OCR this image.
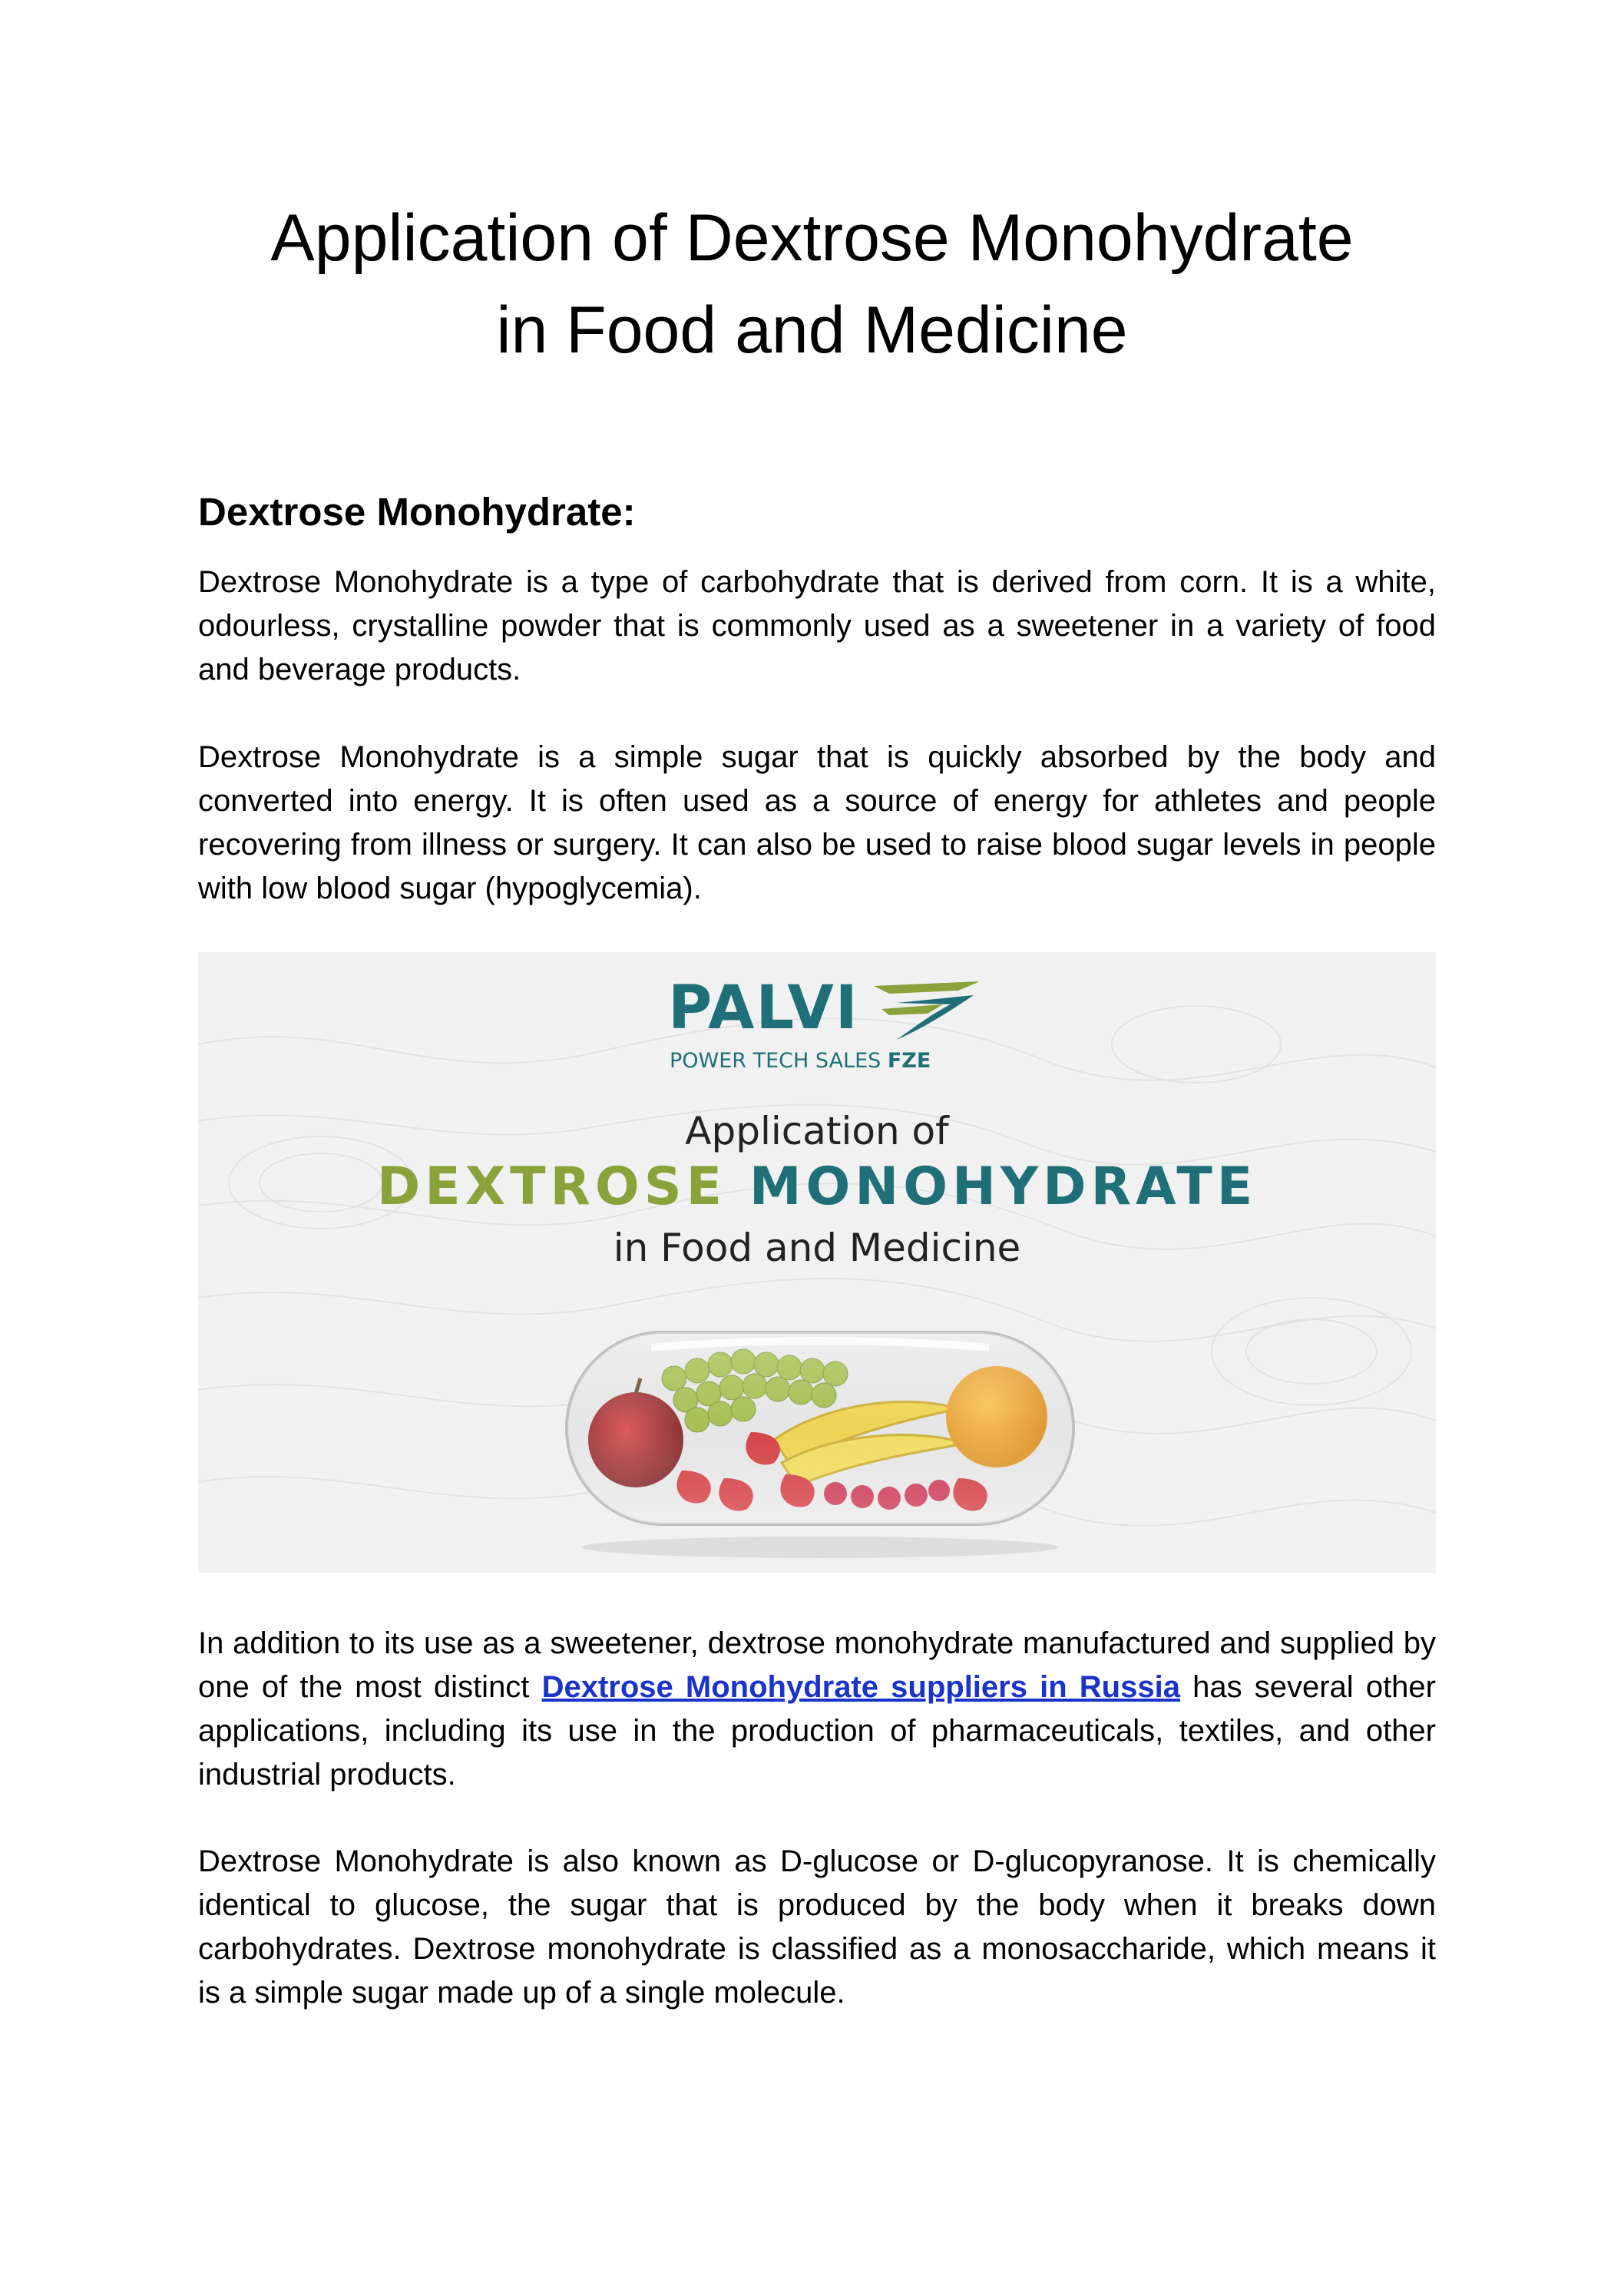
Application of Dextrose Monohydrate
in Food and Medicine
Dextrose Monohydrate:

Dextrose Monohydrate is a type of carbohydrate that is derived from corn. It is a white, odourless, crystalline powder that is commonly used as a sweetener in a variety of food and beverage products.

Dextrose Monohydrate is a simple sugar that is quickly absorbed by the body and converted into energy. It is often used as a source of energy for athletes and people recovering from illness or surgery. It can also be used to raise blood sugar levels in people with low blood sugar (hypoglycemia).

PALVI

POWER TECH SALES FZE

Application of

DEXTROSE MONOHYDRATE

in Food and Medicine

In addition to its use as a sweetener, dextrose monohydrate manufactured and supplied by one of the most distinct Dextrose Monohydrate suppliers in Russia has several other applications, including its use in the production of pharmaceuticals, textiles, and other industrial products.

Dextrose Monohydrate is also known as D-glucose or D-glucopyranose. It is chemically identical to glucose, the sugar that is produced by the body when it breaks down carbohydrates. Dextrose monohydrate is classified as a monosaccharide, which means it is a simple sugar made up of a single molecule.
